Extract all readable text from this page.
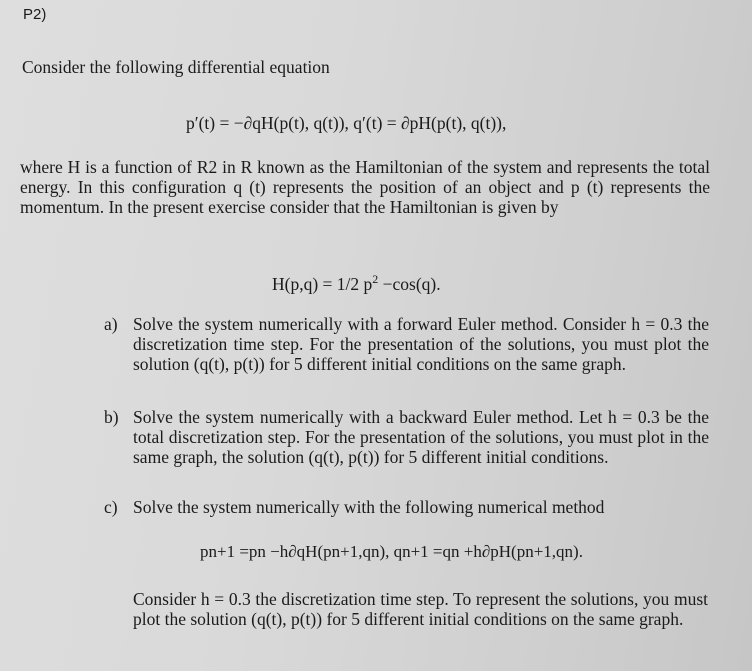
P2)
Consider the following differential equation
p′(t) = −∂qH(p(t), q(t)), q′(t) = ∂pH(p(t), q(t)),
where H is a function of R2 in R known as the Hamiltonian of the system and represents the total energy. In this configuration q (t) represents the position of an object and p (t) represents the momentum. In the present exercise consider that the Hamiltonian is given by
H(p,q) = 1/2 $p^2 -\cos(q)$.
a) Solve the system numerically with a forward Euler method. Consider h = 0.3 the discretization time step. For the presentation of the solutions, you must plot the solution (q(t), p(t)) for 5 different initial conditions on the same graph.
b) Solve the system numerically with a backward Euler method. Let h = 0.3 be the total discretization step. For the presentation of the solutions, you must plot in the same graph, the solution (q(t), p(t)) for 5 different initial conditions.
c) Solve the system numerically with the following numerical method
pn+1 =pn −h∂qH(pn+1,qn), qn+1 =qn +h∂pH(pn+1,qn).
Consider h = 0.3 the discretization time step. To represent the solutions, you must plot the solution (q(t), p(t)) for 5 different initial conditions on the same graph.
